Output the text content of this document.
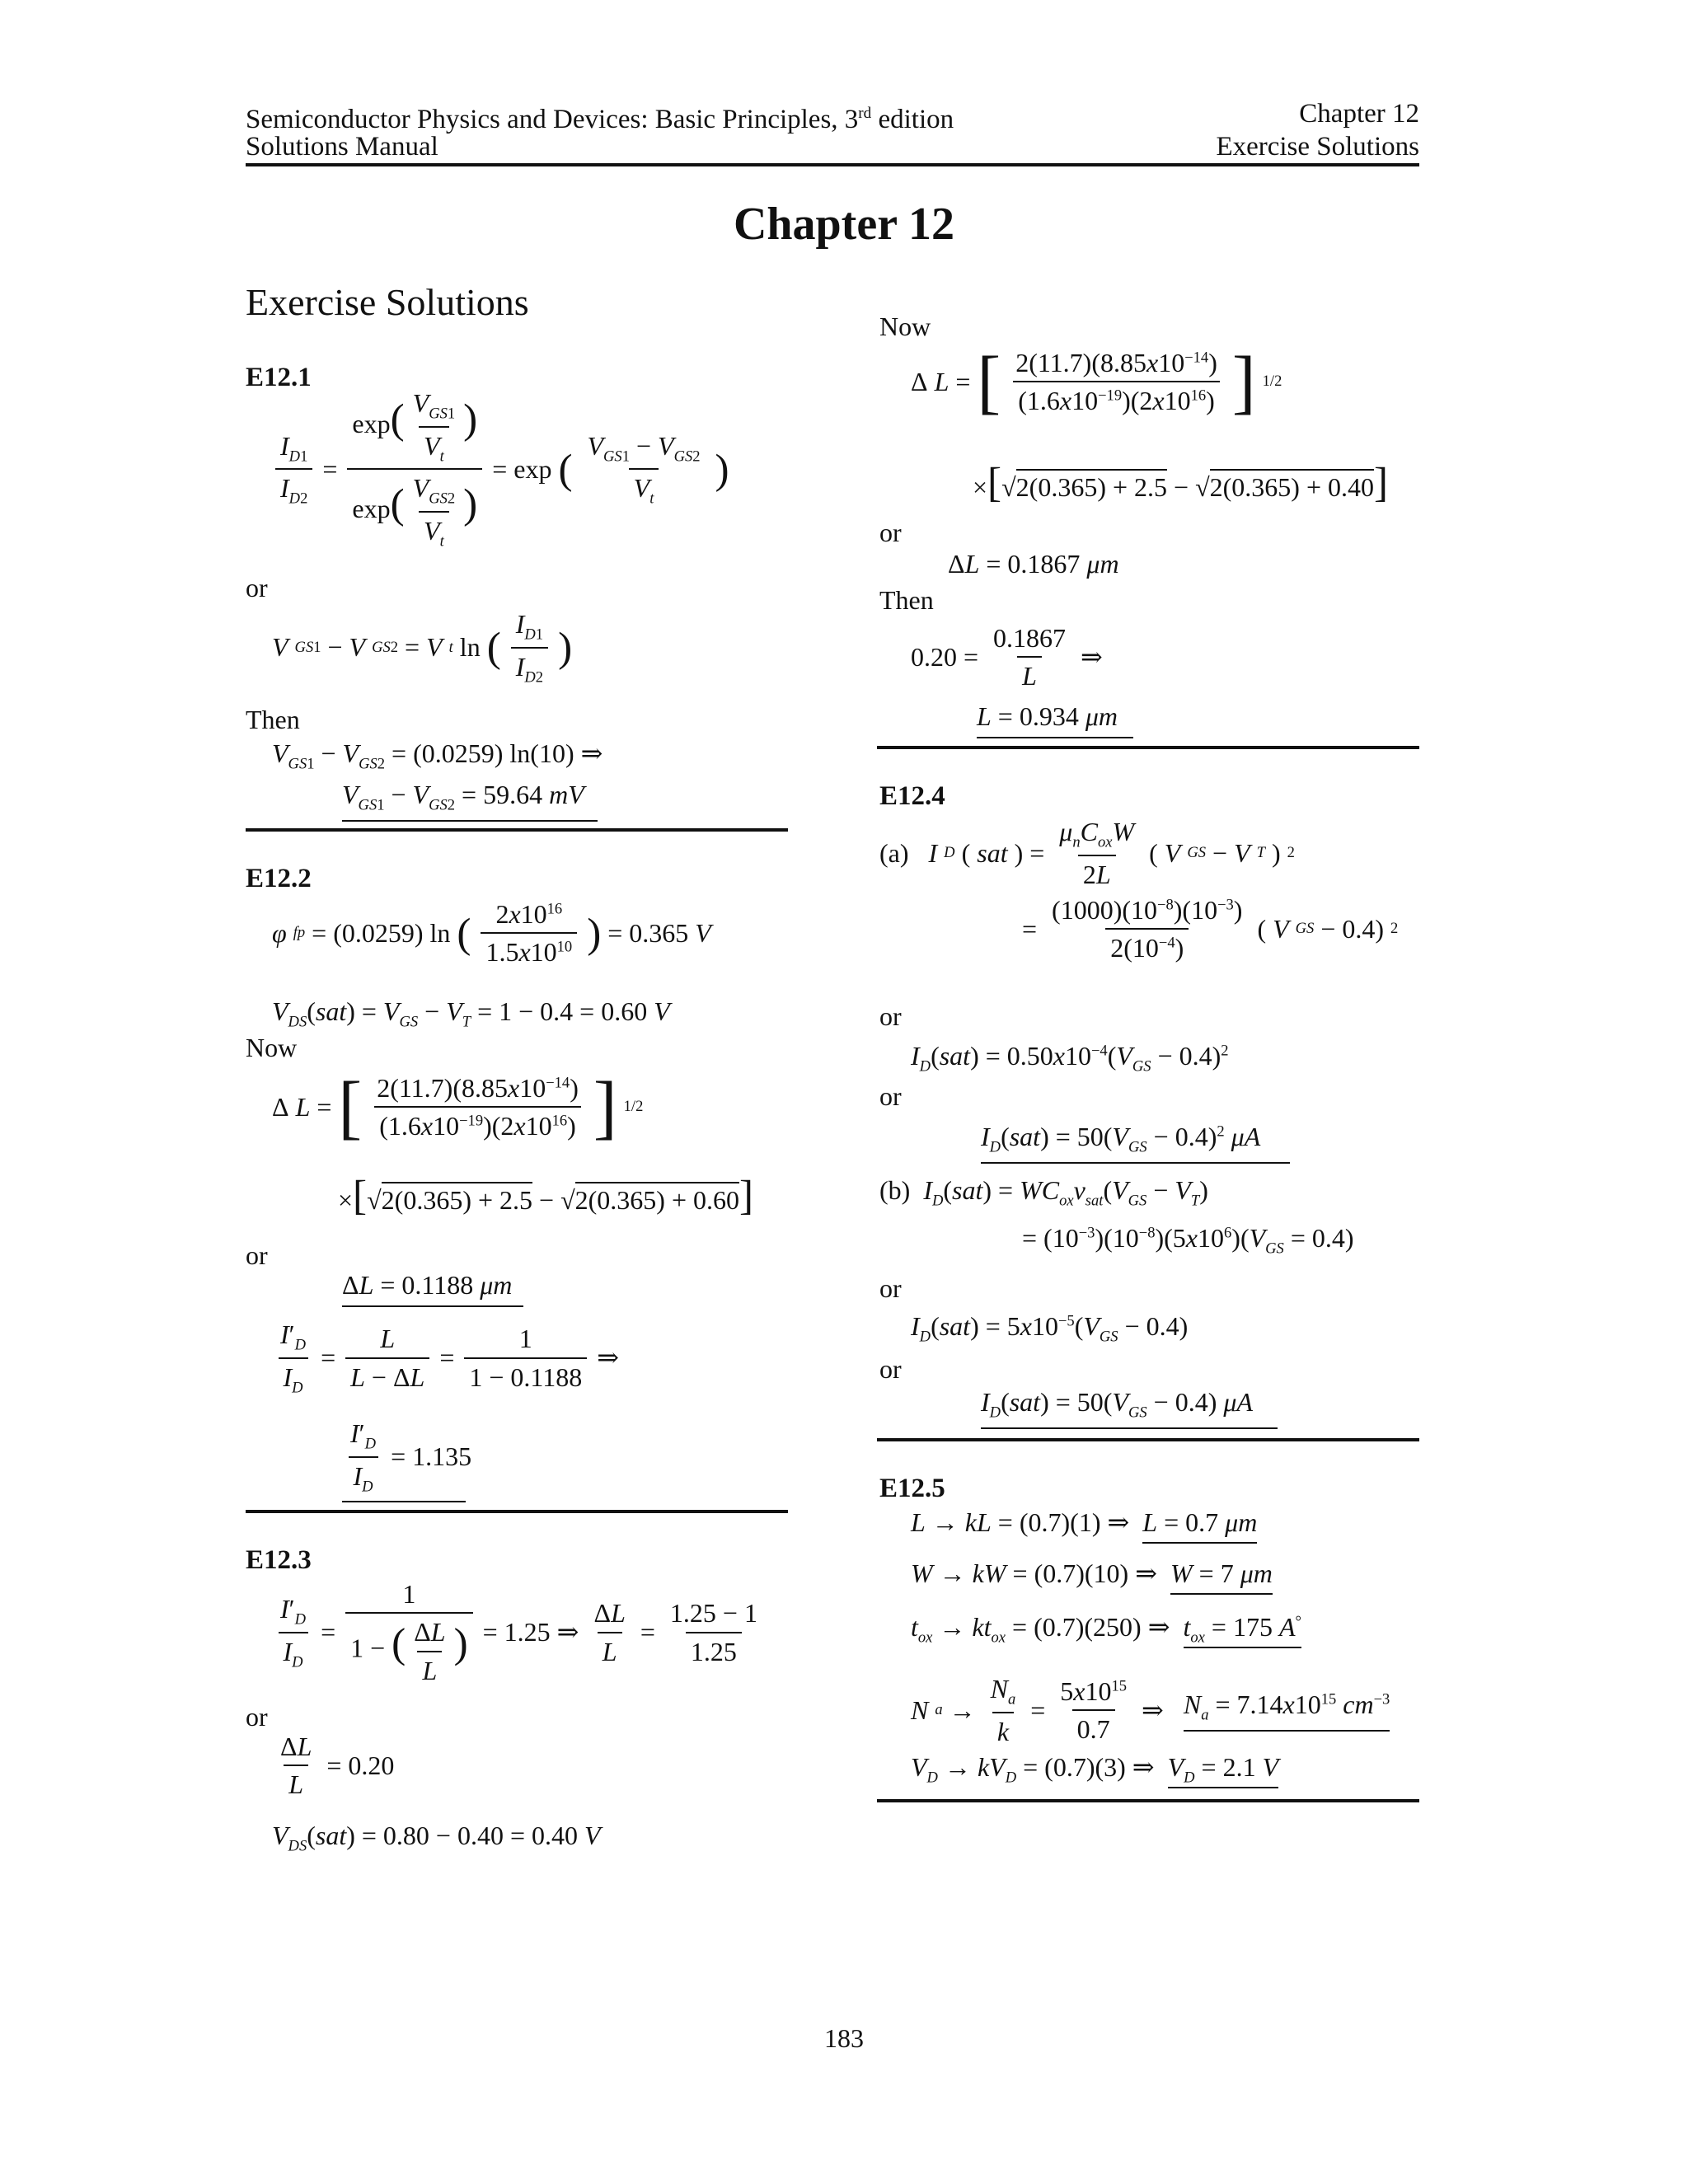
Semiconductor Physics and Devices: Basic Principles, 3rd edition
Solutions Manual
Chapter 12
Exercise Solutions
Chapter 12
Exercise Solutions
E12.1
$\frac{I_{D1}}{I_{D2}} = \frac{\exp( \frac{V_{GS1}}{V_t} )}{\exp( \frac{V_{GS2}}{V_t} )} = \exp$ ( $\frac{V_{GS1} - V_{GS2}}{V_t}$ )
or
V GS1 − V GS2 = V t ln ( $\frac{I_{D1}}{I_{D2}}$ )
Then
$V_{GS1} - V_{GS2} = (0.0259)$ ln(10) ⇒
$V_{GS1} - V_{GS2} = 59.64$ mV
E12.2
φ fp = (0.0259) ln ( $\frac{2x10^{16}}{1.5x10^{10}}$ ) = 0.365 V
$V_{DS}(sat) = V_{GS} - V_T = 1 - 0.4 = 0.60$ V
Now
Δ L = [ $\frac{2(11.7)(8.85x10^{-14})}{(1.6x10^{-19})(2x10^{16})}$ ] 1/2
×[√2(0.365) + 2.5 − √2(0.365) + 0.60]
or
ΔL = 0.1188 μm
$\frac{I'_D}{I_D} = \frac{L}{L - \Delta L} = \frac{1}{1 - 0.1188}$ ⇒
$\frac{I'_D}{I_D} = 1.135$
E12.3
$\frac{I'_D}{I_D} = \frac{1}{1 - ( \frac{\Delta L}{L} )} = 1.25$ ⇒ $\frac{\Delta L}{L} = \frac{1.25 - 1}{1.25}$
or
$\frac{\Delta L}{L} = 0.20$
$V_{DS}(sat) = 0.80 - 0.40 = 0.40$ V
Now
Δ L = [ $\frac{2(11.7)(8.85x10^{-14})}{(1.6x10^{-19})(2x10^{16})}$ ] 1/2
×[√2(0.365) + 2.5 − √2(0.365) + 0.40]
or
ΔL = 0.1867 μm
Then
$0.20 = \frac{0.1867}{L}$ ⇒
L = 0.934 μm
E12.4
(a)
I D ( sat ) = $\frac{\mu_nC_{ox}W}{2L}$ ( V GS − V T ) 2
= $\frac{(1000)(10^{-8})(10^{-3})}{2(10^{-4})}$ ( V GS − 0.4) 2
or
$I_D(sat) = 0.50x10^{-4}(V_{GS} - 0.4)^2$
or
$I_D(sat) = 50(V_{GS} - 0.4)^2$ μA
(b) $I_D(sat) = WC_{ox}v_{sat}(V_{GS} - V_T)$
= $(10^{-3})(10^{-8})(5x10^6)(V_{GS} = 0.4)$
or
$I_D(sat) = 5x10^{-5}(V_{GS} - 0.4)$
or
$I_D(sat) = 50(V_{GS} - 0.4)$ μA
E12.5
L → kL = (0.7)(1) ⇒  L = 0.7 μm
W → kW = (0.7)(10) ⇒  W = 7 μm
$t_{ox} \to kt_{ox} = (0.7)(250)$ ⇒  $t_{ox} = 175$ A°
N $a \to \frac{N_a}{k} = \frac{5x10^{15}}{0.7}$ ⇒ $N_a = 7.14x10^{15}$ $cm^{-3}$
$V_D \to kV_D = (0.7)(3)$ ⇒  $V_D = 2.1$ V
183
